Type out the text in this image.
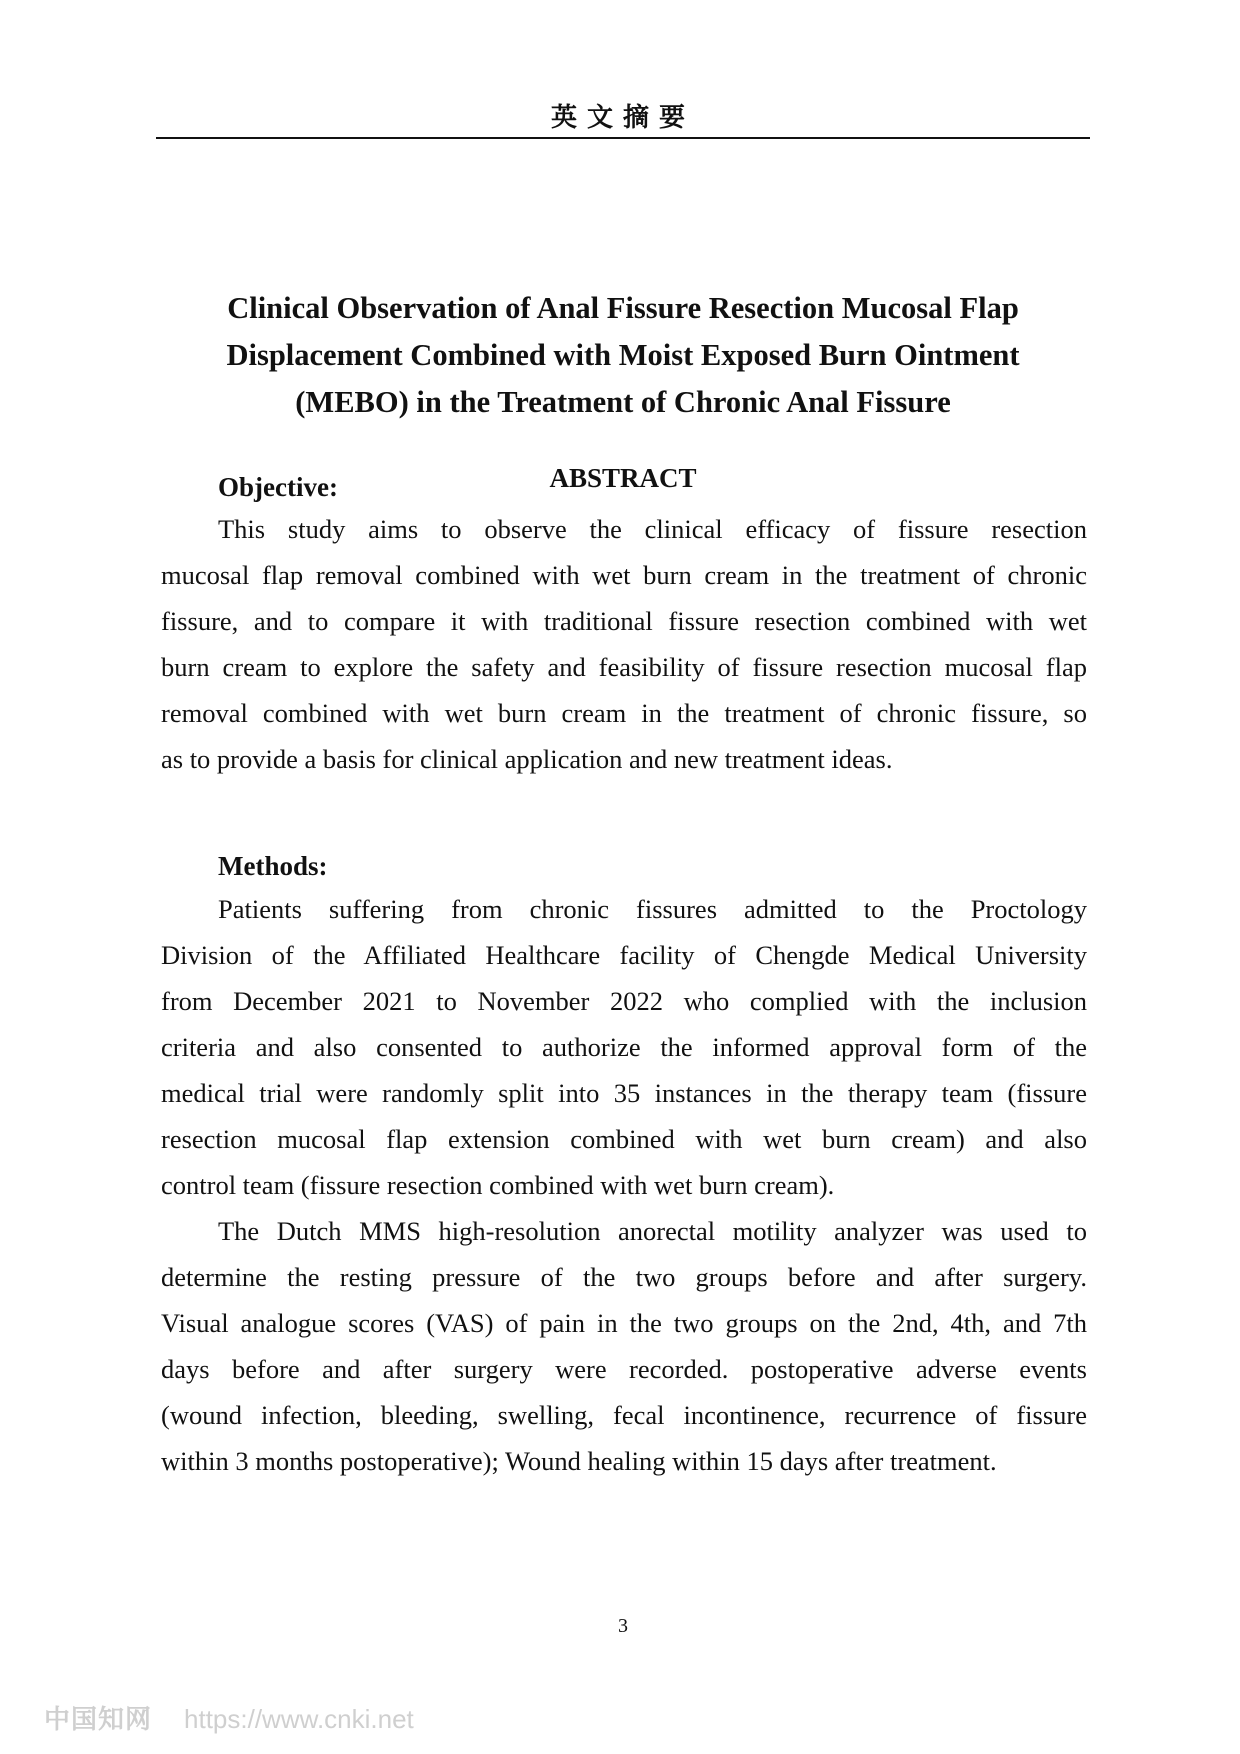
英文摘要
Clinical Observation of Anal Fissure Resection Mucosal Flap
Displacement Combined with Moist Exposed Burn Ointment
(MEBO) in the Treatment of Chronic Anal Fissure
ABSTRACT
Objective:
This study aims to observe the clinical efficacy of fissure resection
mucosal flap removal combined with wet burn cream in the treatment of chronic
fissure, and to compare it with traditional fissure resection combined with wet
burn cream to explore the safety and feasibility of fissure resection mucosal flap
removal combined with wet burn cream in the treatment of chronic fissure, so
as to provide a basis for clinical application and new treatment ideas.
Methods:
Patients suffering from chronic fissures admitted to the Proctology
Division of the Affiliated Healthcare facility of Chengde Medical University
from December 2021 to November 2022 who complied with the inclusion
criteria and also consented to authorize the informed approval form of the
medical trial were randomly split into 35 instances in the therapy team (fissure
resection mucosal flap extension combined with wet burn cream) and also
control team (fissure resection combined with wet burn cream).
The Dutch MMS high-resolution anorectal motility analyzer was used to
determine the resting pressure of the two groups before and after surgery.
Visual analogue scores (VAS) of pain in the two groups on the 2nd, 4th, and 7th
days before and after surgery were recorded. postoperative adverse events
(wound infection, bleeding, swelling, fecal incontinence, recurrence of fissure
within 3 months postoperative); Wound healing within 15 days after treatment.
3
中国知网 https://www.cnki.net
